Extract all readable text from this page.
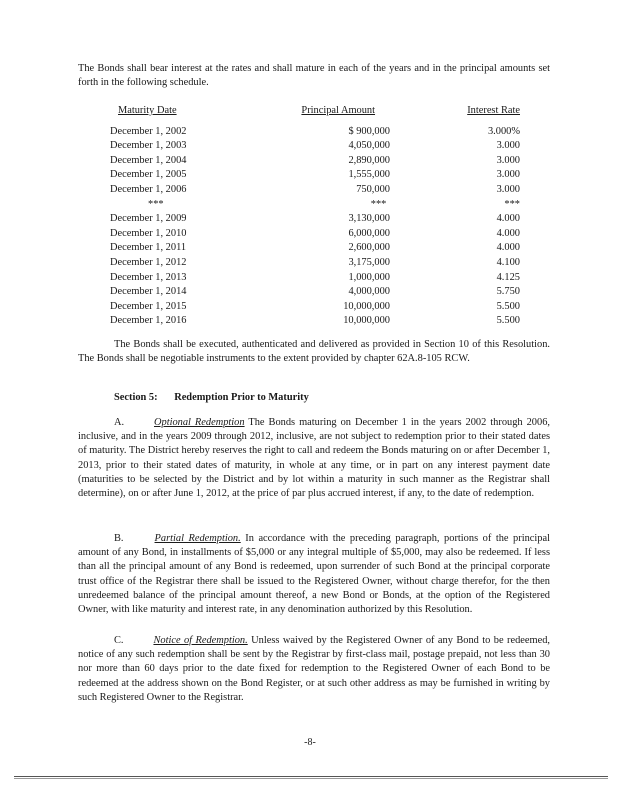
The Bonds shall bear interest at the rates and shall mature in each of the years and in the principal amounts set forth in the following schedule.

Maturity Date	Principal Amount	Interest Rate
December 1, 2002	$ 900,000	3.000%
December 1, 2003	4,050,000	3.000
December 1, 2004	2,890,000	3.000
December 1, 2005	1,555,000	3.000
December 1, 2006	750,000	3.000
***	***	***
December 1, 2009	3,130,000	4.000
December 1, 2010	6,000,000	4.000
December 1, 2011	2,600,000	4.000
December 1, 2012	3,175,000	4.100
December 1, 2013	1,000,000	4.125
December 1, 2014	4,000,000	5.750
December 1, 2015	10,000,000	5.500
December 1, 2016	10,000,000	5.500

The Bonds shall be executed, authenticated and delivered as provided in Section 10 of this Resolution. The Bonds shall be negotiable instruments to the extent provided by chapter 62A.8-105 RCW.

Section 5: Redemption Prior to Maturity

A.	Optional Redemption The Bonds maturing on December 1 in the years 2002 through 2006, inclusive, and in the years 2009 through 2012, inclusive, are not subject to redemption prior to their stated dates of maturity. The District hereby reserves the right to call and redeem the Bonds maturing on or after December 1, 2013, prior to their stated dates of maturity, in whole at any time, or in part on any interest payment date (maturities to be selected by the District and by lot within a maturity in such manner as the Registrar shall determine), on or after June 1, 2012, at the price of par plus accrued interest, if any, to the date of redemption.

B.	Partial Redemption. In accordance with the preceding paragraph, portions of the principal amount of any Bond, in installments of $5,000 or any integral multiple of $5,000, may also be redeemed. If less than all the principal amount of any Bond is redeemed, upon surrender of such Bond at the principal corporate trust office of the Registrar there shall be issued to the Registered Owner, without charge therefor, for the then unredeemed balance of the principal amount thereof, a new Bond or Bonds, at the option of the Registered Owner, with like maturity and interest rate, in any denomination authorized by this Resolution.

C.	Notice of Redemption. Unless waived by the Registered Owner of any Bond to be redeemed, notice of any such redemption shall be sent by the Registrar by first-class mail, postage prepaid, not less than 30 nor more than 60 days prior to the date fixed for redemption to the Registered Owner of each Bond to be redeemed at the address shown on the Bond Register, or at such other address as may be furnished in writing by such Registered Owner to the Registrar.

-8-
